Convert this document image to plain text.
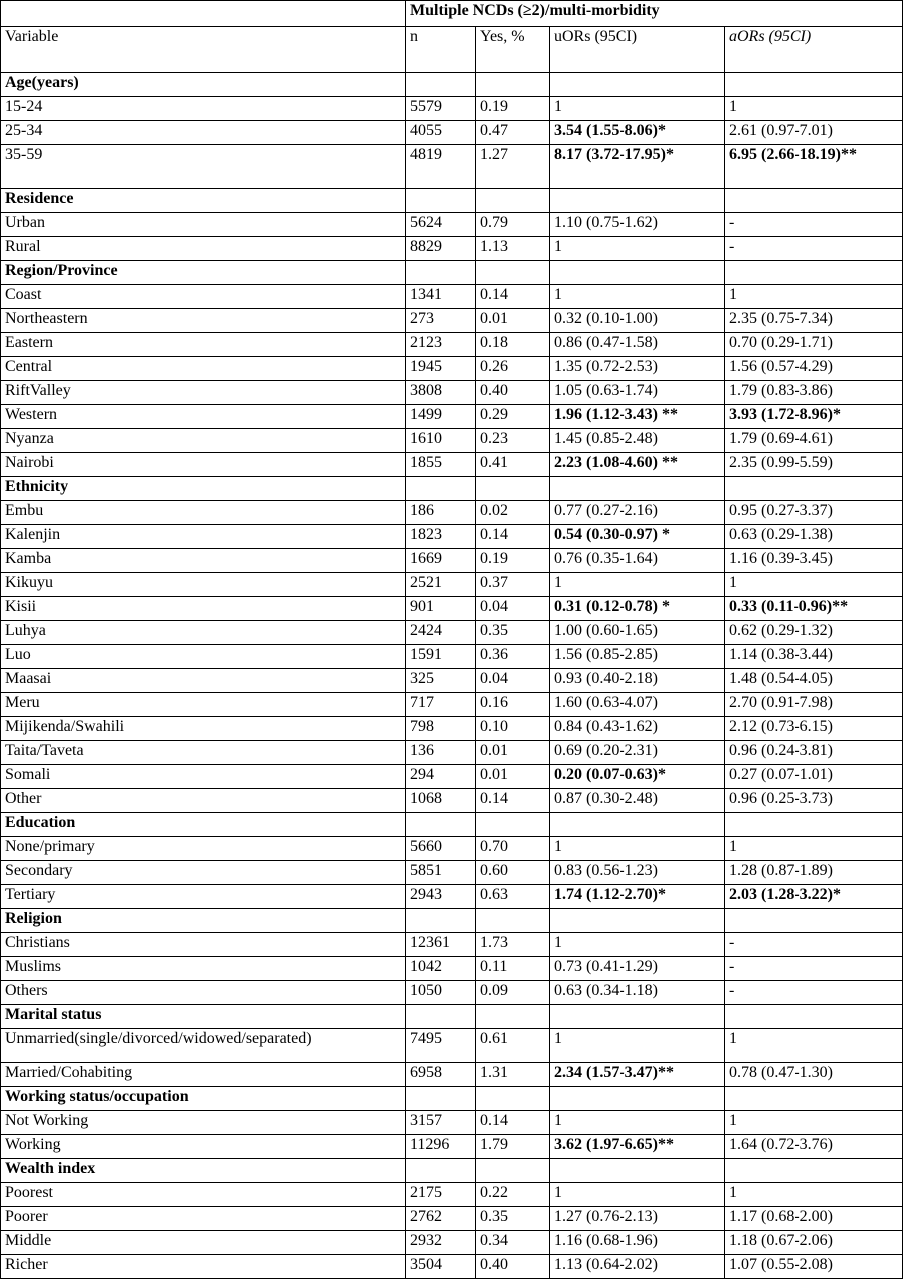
	Multiple NCDs (≥2)/multi-morbidity			
Variable	n	Yes, %	uORs (95CI)	aORs (95CI)
Age(years)				
15-24	5579	0.19	1	1
25-34	4055	0.47	3.54 (1.55-8.06)*	2.61 (0.97-7.01)
35-59	4819	1.27	8.17 (3.72-17.95)*	6.95 (2.66-18.19)**
Residence				
Urban	5624	0.79	1.10 (0.75-1.62)	-
Rural	8829	1.13	1	-
Region/Province				
Coast	1341	0.14	1	1
Northeastern	273	0.01	0.32 (0.10-1.00)	2.35 (0.75-7.34)
Eastern	2123	0.18	0.86 (0.47-1.58)	0.70 (0.29-1.71)
Central	1945	0.26	1.35 (0.72-2.53)	1.56 (0.57-4.29)
RiftValley	3808	0.40	1.05 (0.63-1.74)	1.79 (0.83-3.86)
Western	1499	0.29	1.96 (1.12-3.43) **	3.93 (1.72-8.96)*
Nyanza	1610	0.23	1.45 (0.85-2.48)	1.79 (0.69-4.61)
Nairobi	1855	0.41	2.23 (1.08-4.60) **	2.35 (0.99-5.59)
Ethnicity				
Embu	186	0.02	0.77 (0.27-2.16)	0.95 (0.27-3.37)
Kalenjin	1823	0.14	0.54 (0.30-0.97) *	0.63 (0.29-1.38)
Kamba	1669	0.19	0.76 (0.35-1.64)	1.16 (0.39-3.45)
Kikuyu	2521	0.37	1	1
Kisii	901	0.04	0.31 (0.12-0.78) *	0.33 (0.11-0.96)**
Luhya	2424	0.35	1.00 (0.60-1.65)	0.62 (0.29-1.32)
Luo	1591	0.36	1.56 (0.85-2.85)	1.14 (0.38-3.44)
Maasai	325	0.04	0.93 (0.40-2.18)	1.48 (0.54-4.05)
Meru	717	0.16	1.60 (0.63-4.07)	2.70 (0.91-7.98)
Mijikenda/Swahili	798	0.10	0.84 (0.43-1.62)	2.12 (0.73-6.15)
Taita/Taveta	136	0.01	0.69 (0.20-2.31)	0.96 (0.24-3.81)
Somali	294	0.01	0.20 (0.07-0.63)*	0.27 (0.07-1.01)
Other	1068	0.14	0.87 (0.30-2.48)	0.96 (0.25-3.73)
Education				
None/primary	5660	0.70	1	1
Secondary	5851	0.60	0.83 (0.56-1.23)	1.28 (0.87-1.89)
Tertiary	2943	0.63	1.74 (1.12-2.70)*	2.03 (1.28-3.22)*
Religion				
Christians	12361	1.73	1	-
Muslims	1042	0.11	0.73 (0.41-1.29)	-
Others	1050	0.09	0.63 (0.34-1.18)	-
Marital status				
Unmarried(single/divorced/widowed/separated)	7495	0.61	1	1
Married/Cohabiting	6958	1.31	2.34 (1.57-3.47)**	0.78 (0.47-1.30)
Working status/occupation				
Not Working	3157	0.14	1	1
Working	11296	1.79	3.62 (1.97-6.65)**	1.64 (0.72-3.76)
Wealth index				
Poorest	2175	0.22	1	1
Poorer	2762	0.35	1.27 (0.76-2.13)	1.17 (0.68-2.00)
Middle	2932	0.34	1.16 (0.68-1.96)	1.18 (0.67-2.06)
Richer	3504	0.40	1.13 (0.64-2.02)	1.07 (0.55-2.08)
